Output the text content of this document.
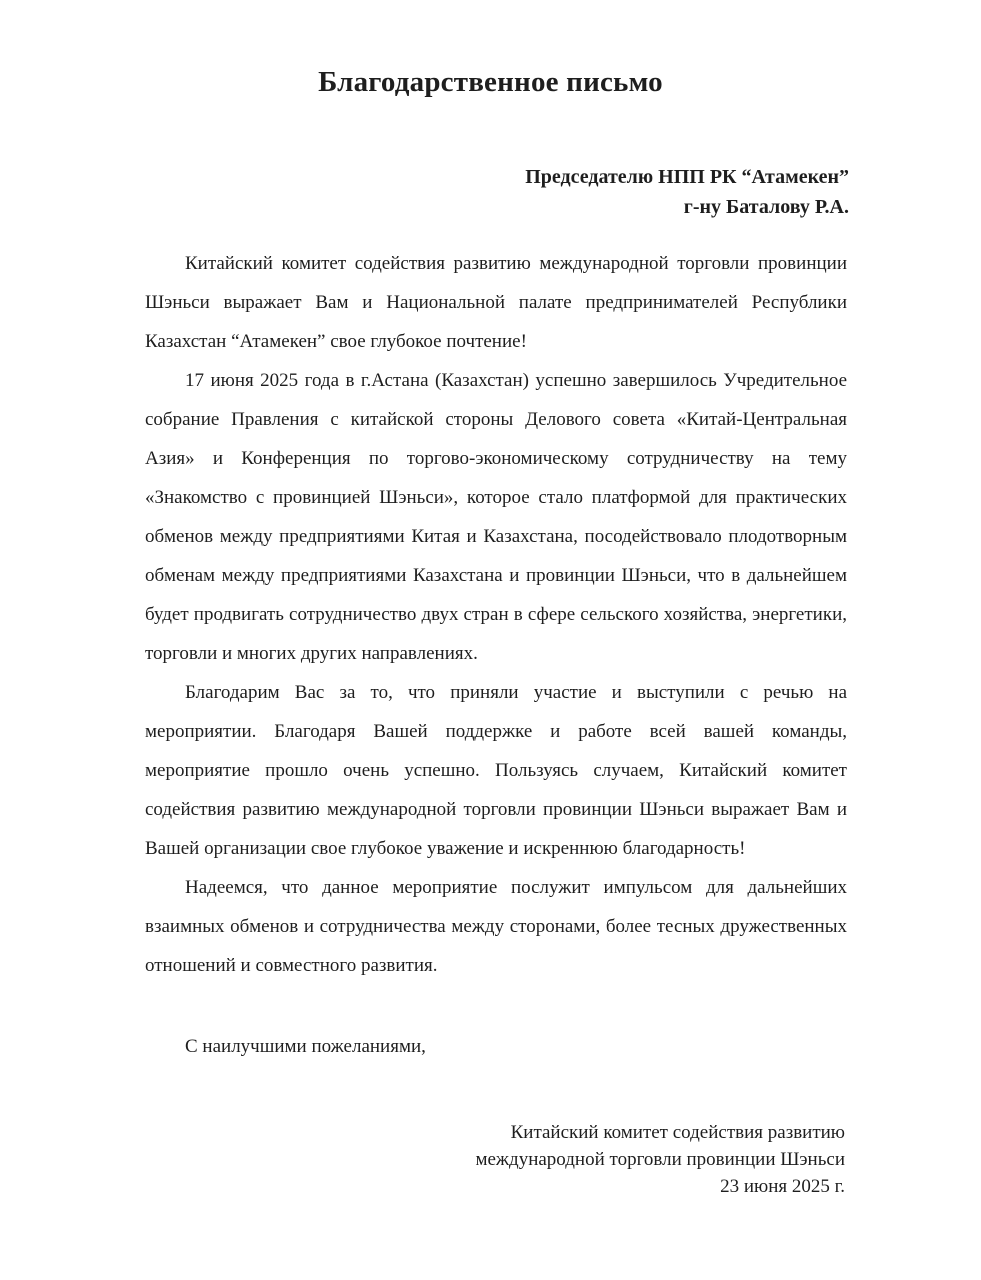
Благодарственное письмо
Председателю НПП РК “Атамекен”
г-ну Баталову Р.А.

Китайский комитет содействия развитию международной торговли провинции Шэньси выражает Вам и Национальной палате предпринимателей Республики Казахстан “Атамекен” свое глубокое почтение!

17 июня 2025 года в г.Астана (Казахстан) успешно завершилось Учредительное собрание Правления с китайской стороны Делового совета «Китай-Центральная Азия» и Конференция по торгово-экономическому сотрудничеству на тему «Знакомство с провинцией Шэньси», которое стало платформой для практических обменов между предприятиями Китая и Казахстана, посодействовало плодотворным обменам между предприятиями Казахстана и провинции Шэньси, что в дальнейшем будет продвигать сотрудничество двух стран в сфере сельского хозяйства, энергетики, торговли и многих других направлениях.

Благодарим Вас за то, что приняли участие и выступили с речью на мероприятии. Благодаря Вашей поддержке и работе всей вашей команды, мероприятие прошло очень успешно. Пользуясь случаем, Китайский комитет содействия развитию международной торговли провинции Шэньси выражает Вам и Вашей организации свое глубокое уважение и искреннюю благодарность!

Надеемся, что данное мероприятие послужит импульсом для дальнейших взаимных обменов и сотрудничества между сторонами, более тесных дружественных отношений и совместного развития.

С наилучшими пожеланиями,
Китайский комитет содействия развитию
международной торговли провинции Шэньси
23 июня 2025 г.
